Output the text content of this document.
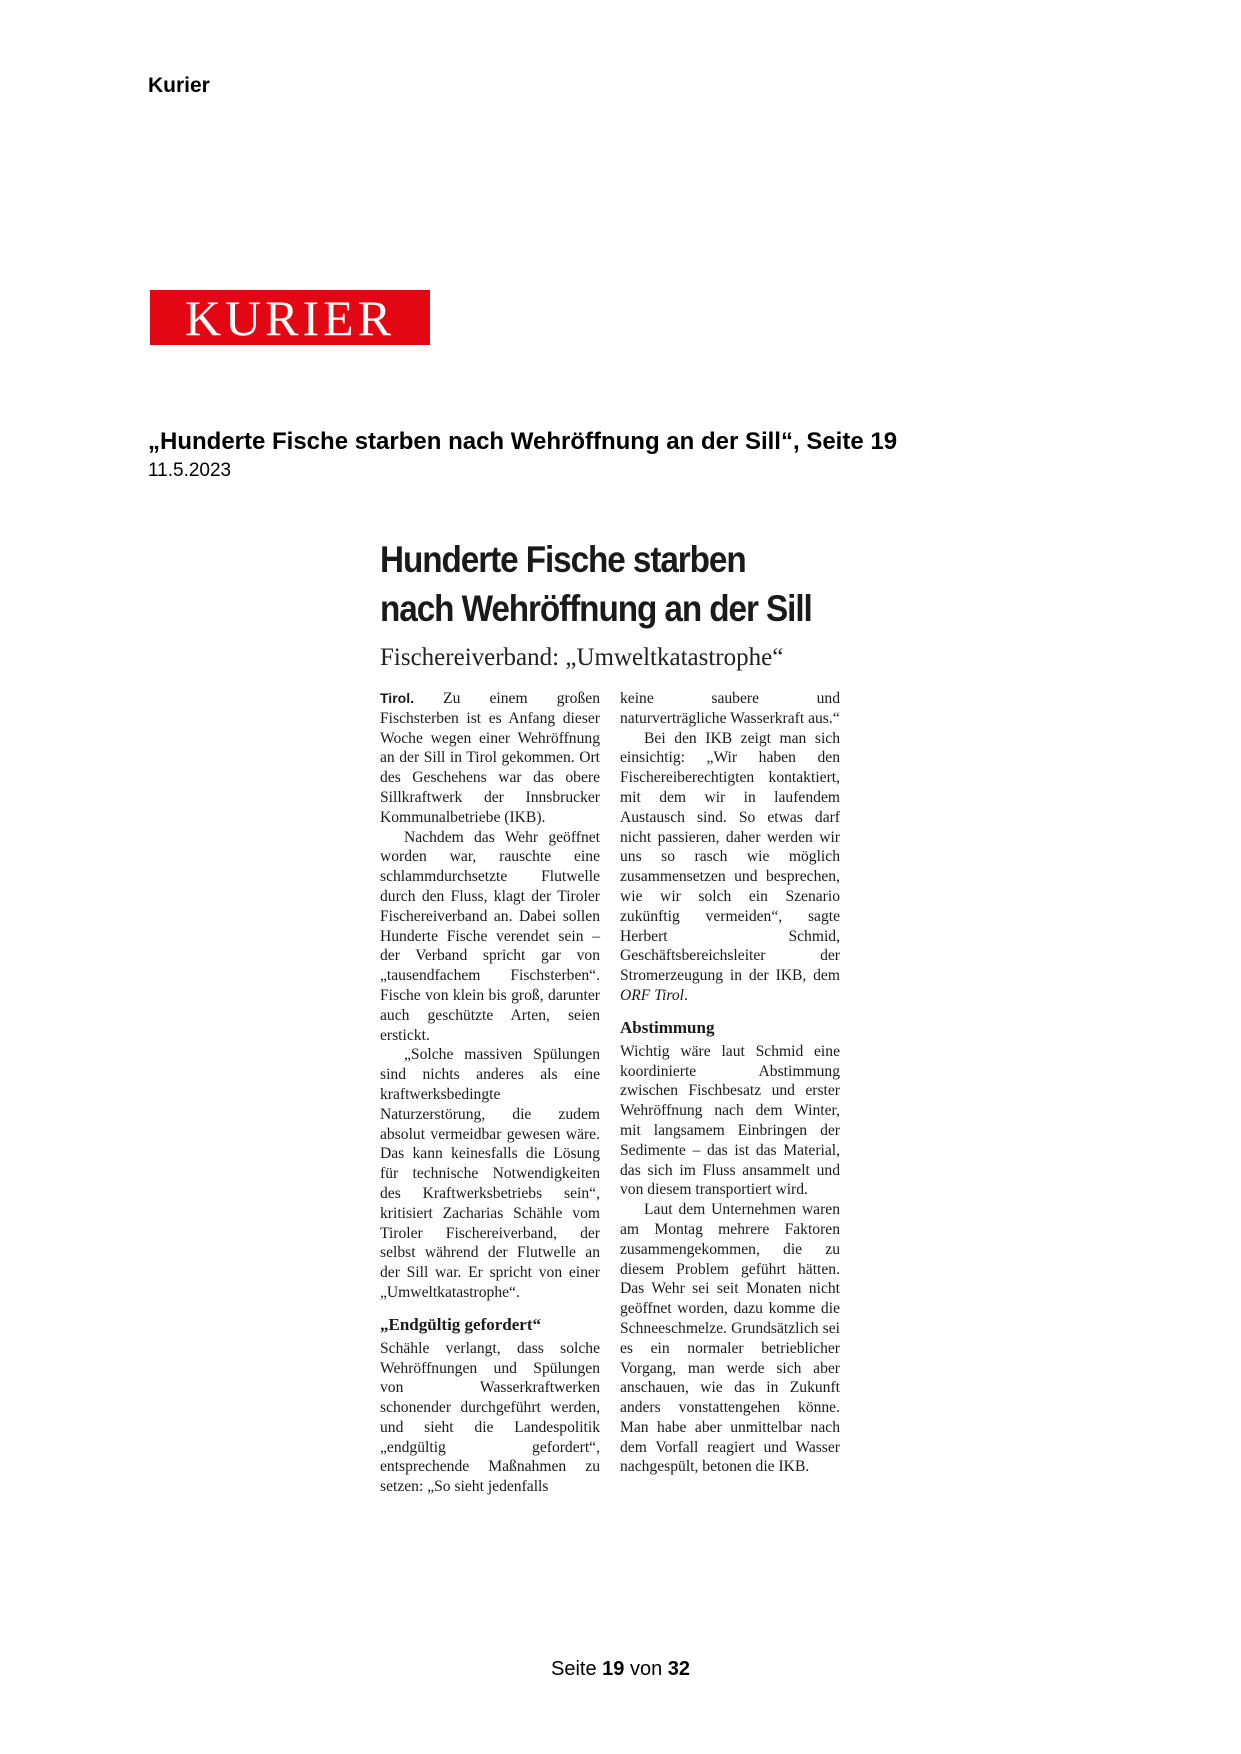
Kurier
KURIER
„Hunderte Fische starben nach Wehröffnung an der Sill“, Seite 19
11.5.2023
Hunderte Fische starben
nach Wehröffnung an der Sill
Fischereiverband: „Umweltkatastrophe“

Tirol. Zu einem großen Fischsterben ist es Anfang dieser Woche wegen einer Wehröffnung an der Sill in Tirol gekommen. Ort des Geschehens war das obere Sillkraftwerk der Innsbrucker Kommunalbetriebe (IKB).

Nachdem das Wehr geöffnet worden war, rauschte eine schlammdurchsetzte Flutwelle durch den Fluss, klagt der Tiroler Fischereiverband an. Dabei sollen Hunderte Fische verendet sein – der Verband spricht gar von „tausendfachem Fischsterben“. Fische von klein bis groß, darunter auch geschützte Arten, seien erstickt.

„Solche massiven Spülungen sind nichts anderes als eine kraftwerksbedingte Naturzerstörung, die zudem absolut vermeidbar gewesen wäre. Das kann keinesfalls die Lösung für technische Notwendigkeiten des Kraftwerksbetriebs sein“, kritisiert Zacharias Schähle vom Tiroler Fischereiverband, der selbst während der Flutwelle an der Sill war. Er spricht von einer „Umweltkatastrophe“.

„Endgültig gefordert“

Schähle verlangt, dass solche Wehröffnungen und Spülungen von Wasserkraftwerken schonender durchgeführt werden, und sieht die Landespolitik „endgültig gefordert“, entsprechende Maßnahmen zu setzen: „So sieht jedenfalls

keine saubere und naturverträgliche Wasserkraft aus.“

Bei den IKB zeigt man sich einsichtig: „Wir haben den Fischereiberechtigten kontaktiert, mit dem wir in laufendem Austausch sind. So etwas darf nicht passieren, daher werden wir uns so rasch wie möglich zusammensetzen und besprechen, wie wir solch ein Szenario zukünftig vermeiden“, sagte Herbert Schmid, Geschäftsbereichsleiter der Stromerzeugung in der IKB, dem ORF Tirol.

Abstimmung

Wichtig wäre laut Schmid eine koordinierte Abstimmung zwischen Fischbesatz und erster Wehröffnung nach dem Winter, mit langsamem Einbringen der Sedimente – das ist das Material, das sich im Fluss ansammelt und von diesem transportiert wird.

Laut dem Unternehmen waren am Montag mehrere Faktoren zusammengekommen, die zu diesem Problem geführt hätten. Das Wehr sei seit Monaten nicht geöffnet worden, dazu komme die Schneeschmelze. Grundsätzlich sei es ein normaler betrieblicher Vorgang, man werde sich aber anschauen, wie das in Zukunft anders vonstattengehen könne. Man habe aber unmittelbar nach dem Vorfall reagiert und Wasser nachgespült, betonen die IKB.

Seite 19 von 32
